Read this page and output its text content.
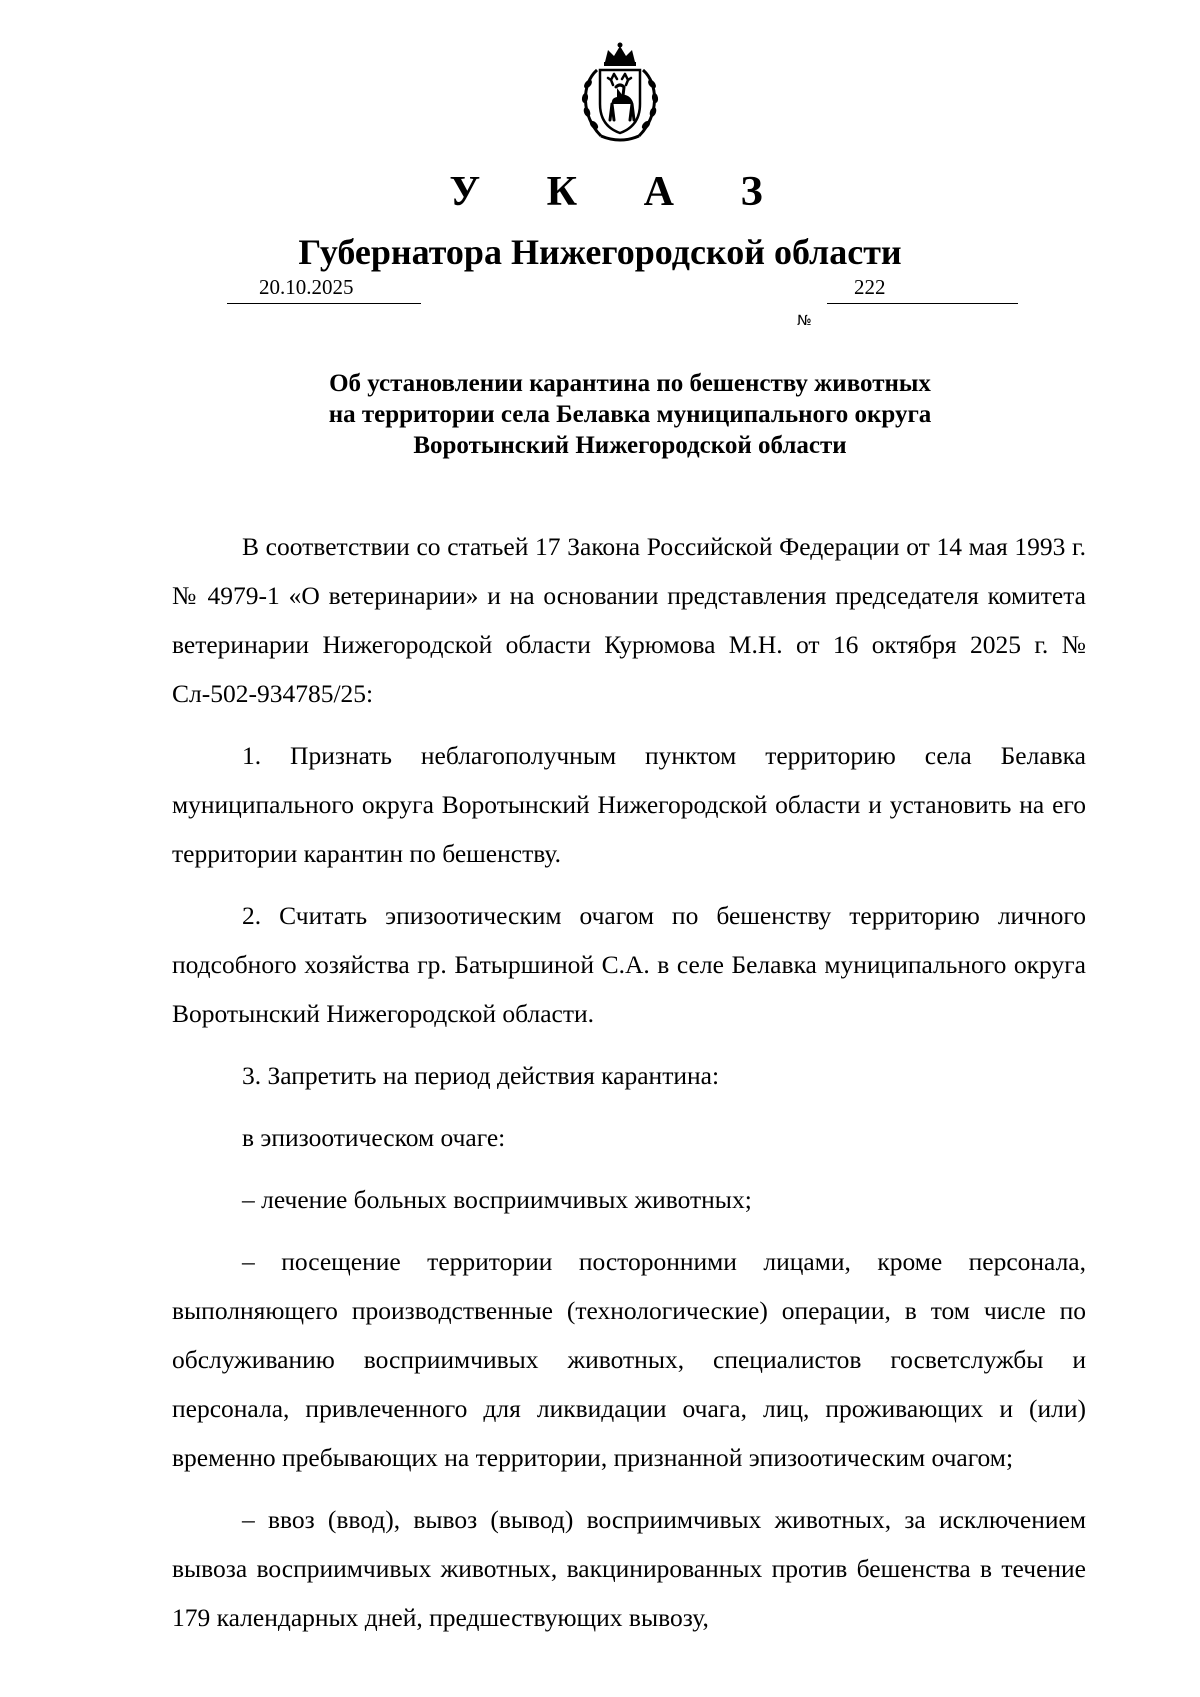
У К А З
Губернатора Нижегородской области
20.10.2025
№
222
Об установлении карантина по бешенству животных
на территории села Белавка муниципального округа
Воротынский Нижегородской области

В соответствии со статьей 17 Закона Российской Федерации от 14 мая 1993 г. № 4979-1 «О ветеринарии» и на основании представления председателя комитета ветеринарии Нижегородской области Курюмова М.Н. от 16 октября 2025 г. № Сл-502-934785/25:

1. Признать неблагополучным пунктом территорию села Белавка муниципального округа Воротынский Нижегородской области и установить на его территории карантин по бешенству.

2. Считать эпизоотическим очагом по бешенству территорию личного подсобного хозяйства гр. Батыршиной С.А. в селе Белавка муниципального округа Воротынский Нижегородской области.

3. Запретить на период действия карантина:

в эпизоотическом очаге:

– лечение больных восприимчивых животных;

– посещение территории посторонними лицами, кроме персонала, выполняющего производственные (технологические) операции, в том числе по обслуживанию восприимчивых животных, специалистов госветслужбы и персонала, привлеченного для ликвидации очага, лиц, проживающих и (или) временно пребывающих на территории, признанной эпизоотическим очагом;

– ввоз (ввод), вывоз (вывод) восприимчивых животных, за исключением вывоза восприимчивых животных, вакцинированных против бешенства в течение 179 календарных дней, предшествующих вывозу,
